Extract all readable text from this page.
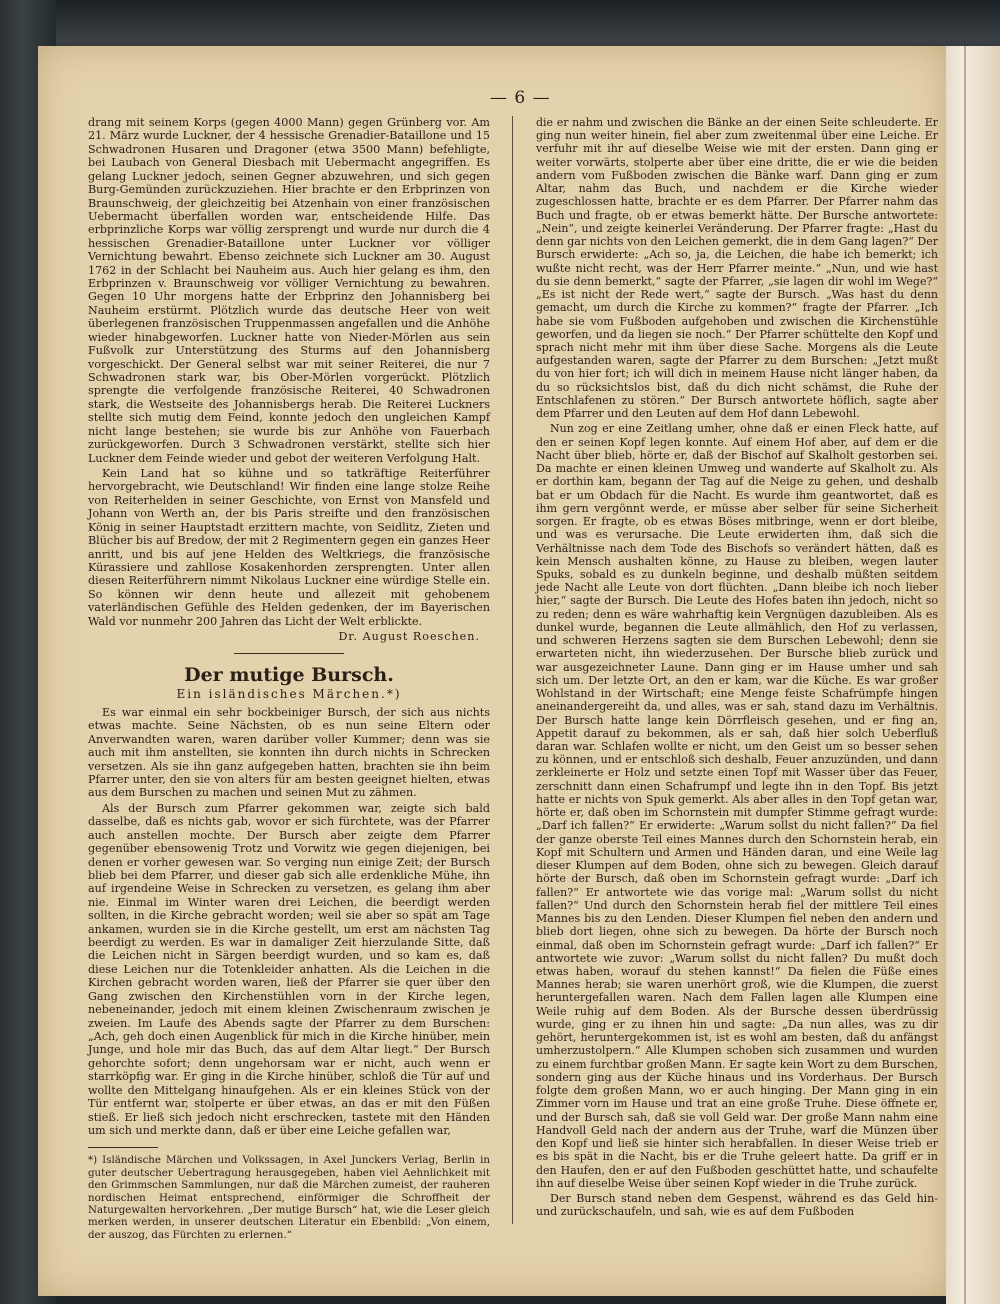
— 6 —

drang mit seinem Korps (gegen 4000 Mann) gegen Grünberg vor. Am 21. März wurde Luckner, der 4 hessische Grenadier-Bataillone und 15 Schwadronen Husaren und Dragoner (etwa 3500 Mann) befehligte, bei Laubach von General Diesbach mit Uebermacht angegriffen. Es gelang Luckner jedoch, seinen Gegner abzuwehren, und sich gegen Burg-Gemünden zurückzuziehen. Hier brachte er den Erbprinzen von Braunschweig, der gleichzeitig bei Atzenhain von einer französischen Uebermacht überfallen worden war, entscheidende Hilfe. Das erbprinzliche Korps war völlig zersprengt und wurde nur durch die 4 hessischen Grenadier-Bataillone unter Luckner vor völliger Vernichtung bewahrt. Ebenso zeichnete sich Luckner am 30. August 1762 in der Schlacht bei Nauheim aus. Auch hier gelang es ihm, den Erbprinzen v. Braunschweig vor völliger Vernichtung zu bewahren. Gegen 10 Uhr morgens hatte der Erbprinz den Johannisberg bei Nauheim erstürmt. Plötzlich wurde das deutsche Heer von weit überlegenen französischen Truppenmassen angefallen und die Anhöhe wieder hinabgeworfen. Luckner hatte von Nieder-Mörlen aus sein Fußvolk zur Unterstützung des Sturms auf den Johannisberg vorgeschickt. Der General selbst war mit seiner Reiterei, die nur 7 Schwadronen stark war, bis Ober-Mörlen vorgerückt. Plötzlich sprengte die verfolgende französische Reiterei, 40 Schwadronen stark, die Westseite des Johannisbergs herab. Die Reiterei Luckners stellte sich mutig dem Feind, konnte jedoch den ungleichen Kampf nicht lange bestehen; sie wurde bis zur Anhöhe von Fauerbach zurückgeworfen. Durch 3 Schwadronen verstärkt, stellte sich hier Luckner dem Feinde wieder und gebot der weiteren Verfolgung Halt.

Kein Land hat so kühne und so tatkräftige Reiterführer hervorgebracht, wie Deutschland! Wir finden eine lange stolze Reihe von Reiterhelden in seiner Geschichte, von Ernst von Mansfeld und Johann von Werth an, der bis Paris streifte und den französischen König in seiner Hauptstadt erzittern machte, von Seidlitz, Zieten und Blücher bis auf Bredow, der mit 2 Regimentern gegen ein ganzes Heer anritt, und bis auf jene Helden des Weltkriegs, die französische Kürassiere und zahllose Kosakenhorden zersprengten. Unter allen diesen Reiterführern nimmt Nikolaus Luckner eine würdige Stelle ein. So können wir denn heute und allezeit mit gehobenem vaterländischen Gefühle des Helden gedenken, der im Bayerischen Wald vor nunmehr 200 Jahren das Licht der Welt erblickte.

Dr. August Roeschen.
Der mutige Bursch.
Ein isländisches Märchen.*)

Es war einmal ein sehr bockbeiniger Bursch, der sich aus nichts etwas machte. Seine Nächsten, ob es nun seine Eltern oder Anverwandten waren, waren darüber voller Kummer; denn was sie auch mit ihm anstellten, sie konnten ihn durch nichts in Schrecken versetzen. Als sie ihn ganz aufgegeben hatten, brachten sie ihn beim Pfarrer unter, den sie von alters für am besten geeignet hielten, etwas aus dem Burschen zu machen und seinen Mut zu zähmen.

Als der Bursch zum Pfarrer gekommen war, zeigte sich bald dasselbe, daß es nichts gab, wovor er sich fürchtete, was der Pfarrer auch anstellen mochte. Der Bursch aber zeigte dem Pfarrer gegenüber ebensowenig Trotz und Vorwitz wie gegen diejenigen, bei denen er vorher gewesen war. So verging nun einige Zeit; der Bursch blieb bei dem Pfarrer, und dieser gab sich alle erdenkliche Mühe, ihn auf irgendeine Weise in Schrecken zu versetzen, es gelang ihm aber nie. Einmal im Winter waren drei Leichen, die beerdigt werden sollten, in die Kirche gebracht worden; weil sie aber so spät am Tage ankamen, wurden sie in die Kirche gestellt, um erst am nächsten Tag beerdigt zu werden. Es war in damaliger Zeit hierzulande Sitte, daß die Leichen nicht in Särgen beerdigt wurden, und so kam es, daß diese Leichen nur die Totenkleider anhatten. Als die Leichen in die Kirchen gebracht worden waren, ließ der Pfarrer sie quer über den Gang zwischen den Kirchenstühlen vorn in der Kirche legen, nebeneinander, jedoch mit einem kleinen Zwischenraum zwischen je zweien. Im Laufe des Abends sagte der Pfarrer zu dem Burschen: „Ach, geh doch einen Augenblick für mich in die Kirche hinüber, mein Junge, und hole mir das Buch, das auf dem Altar liegt.“ Der Bursch gehorchte sofort; denn ungehorsam war er nicht, auch wenn er starrköpfig war. Er ging in die Kirche hinüber, schloß die Tür auf und wollte den Mittelgang hinaufgehen. Als er ein kleines Stück von der Tür entfernt war, stolperte er über etwas, an das er mit den Füßen stieß. Er ließ sich jedoch nicht erschrecken, tastete mit den Händen um sich und merkte dann, daß er über eine Leiche gefallen war,

*) Isländische Märchen und Volkssagen, in Axel Junckers Verlag, Berlin in guter deutscher Uebertragung herausgegeben, haben viel Aehnlichkeit mit den Grimmschen Sammlungen, nur daß die Märchen zumeist, der rauheren nordischen Heimat entsprechend, einförmiger die Schroffheit der Naturgewalten hervorkehren. „Der mutige Bursch“ hat, wie die Leser gleich merken werden, in unserer deutschen Literatur ein Ebenbild: „Von einem, der auszog, das Fürchten zu erlernen.“

die er nahm und zwischen die Bänke an der einen Seite schleuderte. Er ging nun weiter hinein, fiel aber zum zweitenmal über eine Leiche. Er verfuhr mit ihr auf dieselbe Weise wie mit der ersten. Dann ging er weiter vorwärts, stolperte aber über eine dritte, die er wie die beiden andern vom Fußboden zwischen die Bänke warf. Dann ging er zum Altar, nahm das Buch, und nachdem er die Kirche wieder zugeschlossen hatte, brachte er es dem Pfarrer. Der Pfarrer nahm das Buch und fragte, ob er etwas bemerkt hätte. Der Bursche antwortete: „Nein“, und zeigte keinerlei Veränderung. Der Pfarrer fragte: „Hast du denn gar nichts von den Leichen gemerkt, die in dem Gang lagen?“ Der Bursch erwiderte: „Ach so, ja, die Leichen, die habe ich bemerkt; ich wußte nicht recht, was der Herr Pfarrer meinte.“ „Nun, und wie hast du sie denn bemerkt,“ sagte der Pfarrer, „sie lagen dir wohl im Wege?“ „Es ist nicht der Rede wert,“ sagte der Bursch. „Was hast du denn gemacht, um durch die Kirche zu kommen?“ fragte der Pfarrer. „Ich habe sie vom Fußboden aufgehoben und zwischen die Kirchenstühle geworfen, und da liegen sie noch.“ Der Pfarrer schüttelte den Kopf und sprach nicht mehr mit ihm über diese Sache. Morgens als die Leute aufgestanden waren, sagte der Pfarrer zu dem Burschen: „Jetzt mußt du von hier fort; ich will dich in meinem Hause nicht länger haben, da du so rücksichtslos bist, daß du dich nicht schämst, die Ruhe der Entschlafenen zu stören.“ Der Bursch antwortete höflich, sagte aber dem Pfarrer und den Leuten auf dem Hof dann Lebewohl.

Nun zog er eine Zeitlang umher, ohne daß er einen Fleck hatte, auf den er seinen Kopf legen konnte. Auf einem Hof aber, auf dem er die Nacht über blieb, hörte er, daß der Bischof auf Skalholt gestorben sei. Da machte er einen kleinen Umweg und wanderte auf Skalholt zu. Als er dorthin kam, begann der Tag auf die Neige zu gehen, und deshalb bat er um Obdach für die Nacht. Es wurde ihm geantwortet, daß es ihm gern vergönnt werde, er müsse aber selber für seine Sicherheit sorgen. Er fragte, ob es etwas Böses mitbringe, wenn er dort bleibe, und was es verursache. Die Leute erwiderten ihm, daß sich die Verhältnisse nach dem Tode des Bischofs so verändert hätten, daß es kein Mensch aushalten könne, zu Hause zu bleiben, wegen lauter Spuks, sobald es zu dunkeln beginne, und deshalb müßten seitdem jede Nacht alle Leute von dort flüchten. „Dann bleibe ich noch lieber hier,“ sagte der Bursch. Die Leute des Hofes baten ihn jedoch, nicht so zu reden; denn es wäre wahrhaftig kein Vergnügen dazubleiben. Als es dunkel wurde, begannen die Leute allmählich, den Hof zu verlassen, und schweren Herzens sagten sie dem Burschen Lebewohl; denn sie erwarteten nicht, ihn wiederzusehen. Der Bursche blieb zurück und war ausgezeichneter Laune. Dann ging er im Hause umher und sah sich um. Der letzte Ort, an den er kam, war die Küche. Es war großer Wohlstand in der Wirtschaft; eine Menge feiste Schafrümpfe hingen aneinandergereiht da, und alles, was er sah, stand dazu im Verhältnis. Der Bursch hatte lange kein Dörrfleisch gesehen, und er fing an, Appetit darauf zu bekommen, als er sah, daß hier solch Ueberfluß daran war. Schlafen wollte er nicht, um den Geist um so besser sehen zu können, und er entschloß sich deshalb, Feuer anzuzünden, und dann zerkleinerte er Holz und setzte einen Topf mit Wasser über das Feuer, zerschnitt dann einen Schafrumpf und legte ihn in den Topf. Bis jetzt hatte er nichts von Spuk gemerkt. Als aber alles in den Topf getan war, hörte er, daß oben im Schornstein mit dumpfer Stimme gefragt wurde: „Darf ich fallen?“ Er erwiderte: „Warum sollst du nicht fallen?“ Da fiel der ganze oberste Teil eines Mannes durch den Schornstein herab, ein Kopf mit Schultern und Armen und Händen daran, und eine Weile lag dieser Klumpen auf dem Boden, ohne sich zu bewegen. Gleich darauf hörte der Bursch, daß oben im Schornstein gefragt wurde: „Darf ich fallen?“ Er antwortete wie das vorige mal: „Warum sollst du nicht fallen?“ Und durch den Schornstein herab fiel der mittlere Teil eines Mannes bis zu den Lenden. Dieser Klumpen fiel neben den andern und blieb dort liegen, ohne sich zu bewegen. Da hörte der Bursch noch einmal, daß oben im Schornstein gefragt wurde: „Darf ich fallen?“ Er antwortete wie zuvor: „Warum sollst du nicht fallen? Du mußt doch etwas haben, worauf du stehen kannst!“ Da fielen die Füße eines Mannes herab; sie waren unerhört groß, wie die Klumpen, die zuerst heruntergefallen waren. Nach dem Fallen lagen alle Klumpen eine Weile ruhig auf dem Boden. Als der Bursche dessen überdrüssig wurde, ging er zu ihnen hin und sagte: „Da nun alles, was zu dir gehört, heruntergekommen ist, ist es wohl am besten, daß du anfängst umherzustolpern.“ Alle Klumpen schoben sich zusammen und wurden zu einem furchtbar großen Mann. Er sagte kein Wort zu dem Burschen, sondern ging aus der Küche hinaus und ins Vorderhaus. Der Bursch folgte dem großen Mann, wo er auch hinging. Der Mann ging in ein Zimmer vorn im Hause und trat an eine große Truhe. Diese öffnete er, und der Bursch sah, daß sie voll Geld war. Der große Mann nahm eine Handvoll Geld nach der andern aus der Truhe, warf die Münzen über den Kopf und ließ sie hinter sich herabfallen. In dieser Weise trieb er es bis spät in die Nacht, bis er die Truhe geleert hatte. Da griff er in den Haufen, den er auf den Fußboden geschüttet hatte, und schaufelte ihn auf dieselbe Weise über seinen Kopf wieder in die Truhe zurück.

Der Bursch stand neben dem Gespenst, während es das Geld hin- und zurückschaufeln, und sah, wie es auf dem Fußboden
